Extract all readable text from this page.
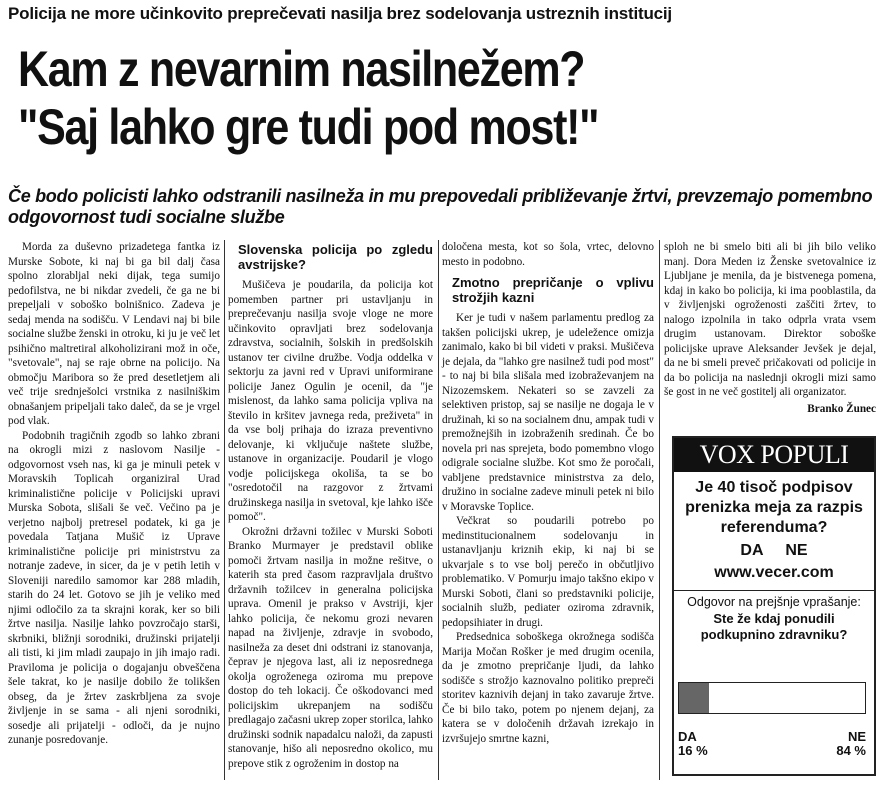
Policija ne more učinkovito preprečevati nasilja brez sodelovanja ustreznih institucij
Kam z nevarnim nasilnežem?
"Saj lahko gre tudi pod most!"
Če bodo policisti lahko odstranili nasilneža in mu prepovedali približevanje žrtvi, prevzemajo pomembno odgovornost tudi socialne službe

Morda za duševno prizadetega fantka iz Murske Sobote, ki naj bi ga bil dalj časa spolno zlorabljal neki dijak, tega sumijo pedofilstva, ne bi nikdar zvedeli, če ga ne bi prepeljali v soboško bolnišnico. Zadeva je sedaj menda na sodišču. V Lendavi naj bi bile socialne službe ženski in otroku, ki ju je več let psihično maltretiral alkoholizirani mož in oče, "svetovale", naj se raje obrne na policijo. Na območju Maribora so že pred desetletjem ali več trije srednješolci vrstnika z nasilniškim obnašanjem pripeljali tako daleč, da se je vrgel pod vlak.

Podobnih tragičnih zgodb so lahko zbrani na okrogli mizi z naslovom Nasilje - odgovornost vseh nas, ki ga je minuli petek v Moravskih Toplicah organiziral Urad kriminalistične policije v Policijski upravi Murska Sobota, slišali še več. Večino pa je verjetno najbolj pretresel podatek, ki ga je povedala Tatjana Mušič iz Uprave kriminalistične policije pri ministrstvu za notranje zadeve, in sicer, da je v petih letih v Sloveniji naredilo samomor kar 288 mladih, starih do 24 let. Gotovo se jih je veliko med njimi odločilo za ta skrajni korak, ker so bili žrtve nasilja. Nasilje lahko povzročajo starši, skrbniki, bližnji sorodniki, družinski prijatelji ali tisti, ki jim mladi zaupajo in jih imajo radi. Praviloma je policija o dogajanju obveščena šele takrat, ko je nasilje dobilo že tolikšen obseg, da je žrtev zaskrbljena za svoje življenje in se sama - ali njeni sorodniki, sosedje ali prijatelji - odloči, da je nujno zunanje posredovanje.

Slovenska policija po zgledu avstrijske?

Mušičeva je poudarila, da policija kot pomemben partner pri ustavljanju in preprečevanju nasilja svoje vloge ne more učinkovito opravljati brez sodelovanja zdravstva, socialnih, šolskih in predšolskih ustanov ter civilne družbe. Vodja oddelka v sektorju za javni red v Upravi uniformirane policije Janez Ogulin je ocenil, da "je mislenost, da lahko sama policija vpliva na število in kršitev javnega reda, preživeta" in da vse bolj prihaja do izraza preventivno delovanje, ki vključuje naštete službe, ustanove in organizacije. Poudaril je vlogo vodje policijskega okoliša, ta se bo "osredotočil na razgovor z žrtvami družinskega nasilja in svetoval, kje lahko išče pomoč".

Okrožni državni tožilec v Murski Soboti Branko Murmayer je predstavil oblike pomoči žrtvam nasilja in možne rešitve, o katerih sta pred časom razpravljala društvo državnih tožilcev in generalna policijska uprava. Omenil je prakso v Avstriji, kjer lahko policija, če nekomu grozi nevaren napad na življenje, zdravje in svobodo, nasilneža za deset dni odstrani iz stanovanja, čeprav je njegova last, ali iz neposrednega okolja ogroženega oziroma mu prepove dostop do teh lokacij. Če oškodovanci med policijskim ukrepanjem na sodišču predlagajo začasni ukrep zoper storilca, lahko družinski sodnik napadalcu naloži, da zapusti stanovanje, hišo ali neposredno okolico, mu prepove stik z ogroženim in dostop na

določena mesta, kot so šola, vrtec, delovno mesto in podobno.

Zmotno prepričanje o vplivu strožjih kazni

Ker je tudi v našem parlamentu predlog za takšen policijski ukrep, je udeležence omizja zanimalo, kako bi bil videti v praksi. Mušičeva je dejala, da "lahko gre nasilnež tudi pod most" - to naj bi bila slišala med izobraževanjem na Nizozemskem. Nekateri so se zavzeli za selektiven pristop, saj se nasilje ne dogaja le v družinah, ki so na socialnem dnu, ampak tudi v premožnejših in izobraženih sredinah. Če bo novela pri nas sprejeta, bodo pomembno vlogo odigrale socialne službe. Kot smo že poročali, vabljene predstavnice ministrstva za delo, družino in socialne zadeve minuli petek ni bilo v Moravske Toplice.

Večkrat so poudarili potrebo po medinstitucionalnem sodelovanju in ustanavljanju kriznih ekip, ki naj bi se ukvarjale s to vse bolj perečo in občutljivo problematiko. V Pomurju imajo takšno ekipo v Murski Soboti, člani so predstavniki policije, socialnih služb, pediater oziroma zdravnik, pedopsihiater in drugi.

Predsednica soboškega okrožnega sodišča Marija Močan Rošker je med drugim ocenila, da je zmotno prepričanje ljudi, da lahko sodišče s strožjo kaznovalno politiko prepreči storitev kaznivih dejanj in tako zavaruje žrtve. Če bi bilo tako, potem po njenem dejanj, za katera se v določenih državah izrekajo in izvršujejo smrtne kazni,

sploh ne bi smelo biti ali bi jih bilo veliko manj. Dora Meden iz Ženske svetovalnice iz Ljubljane je menila, da je bistvenega pomena, kdaj in kako bo policija, ki ima pooblastila, da v življenjski ogroženosti zaščiti žrtev, to nalogo izpolnila in tako odprla vrata vsem drugim ustanovam. Direktor soboške policijske uprave Aleksander Jevšek je dejal, da ne bi smeli preveč pričakovati od policije in da bo policija na naslednji okrogli mizi samo še gost in ne več gostitelj ali organizator.

Branko Žunec
VOX POPULI
Je 40 tisoč podpisov prenizka meja za razpis referenduma?
DA NE
www.vecer.com
Odgovor na prejšnje vprašanje:
Ste že kdaj ponudili podkupnino zdravniku?
DA
16 %
NE
84 %
